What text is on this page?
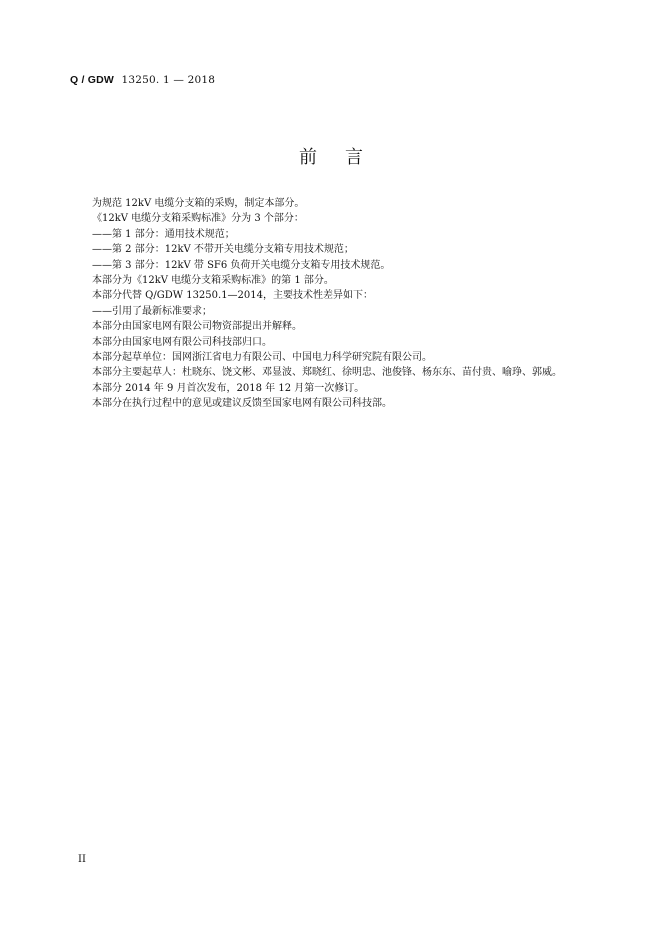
Q / GDW 13250. 1 — 2018
前言

为规范 12kV 电缆分支箱的采购，制定本部分。

《12kV 电缆分支箱采购标准》分为 3 个部分：

——第 1 部分：通用技术规范；

——第 2 部分：12kV 不带开关电缆分支箱专用技术规范；

——第 3 部分：12kV 带 SF6 负荷开关电缆分支箱专用技术规范。

本部分为《12kV 电缆分支箱采购标准》的第 1 部分。

本部分代替 Q/GDW 13250.1—2014，主要技术性差异如下：

——引用了最新标准要求；

本部分由国家电网有限公司物资部提出并解释。

本部分由国家电网有限公司科技部归口。

本部分起草单位：国网浙江省电力有限公司、中国电力科学研究院有限公司。

本部分主要起草人：杜晓东、饶文彬、邓显波、郑晓红、徐明忠、池俊锋、杨东东、苗付贵、喻琤、郭威。

本部分 2014 年 9 月首次发布，2018 年 12 月第一次修订。

本部分在执行过程中的意见或建议反馈至国家电网有限公司科技部。

II
